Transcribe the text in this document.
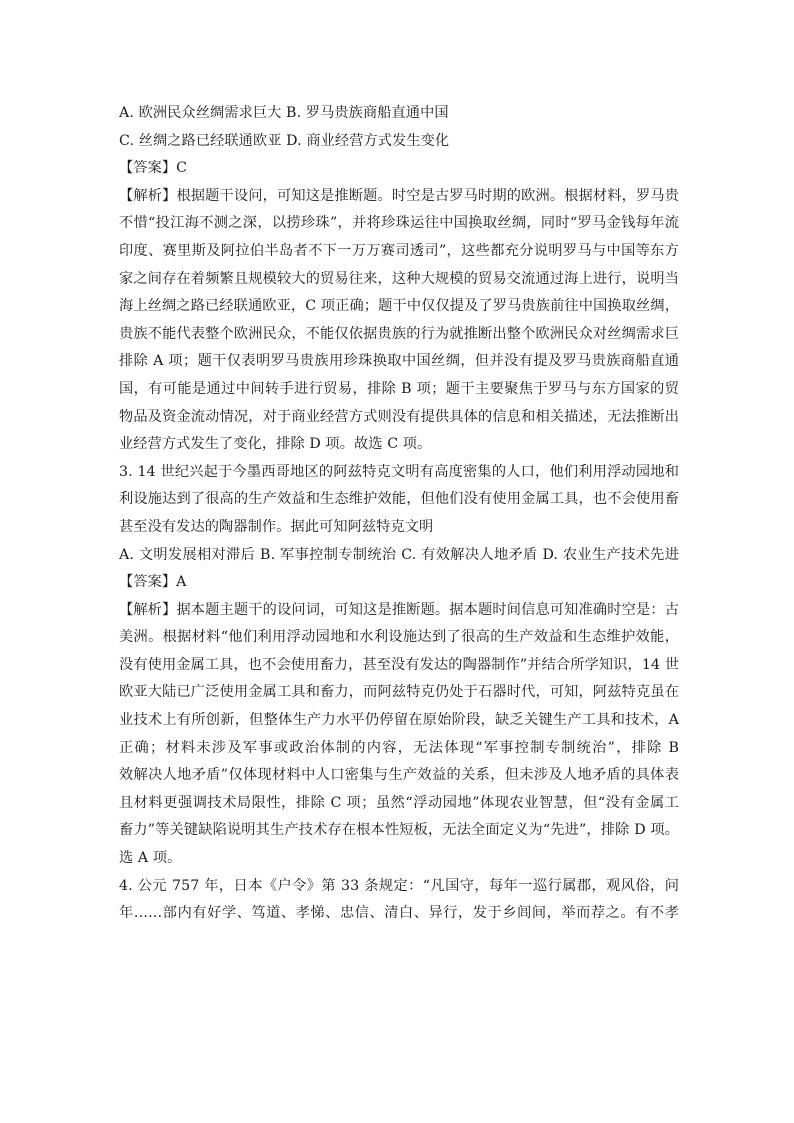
A. 欧洲民众丝绸需求巨大 B. 罗马贵族商船直通中国
C. 丝绸之路已经联通欧亚 D. 商业经营方式发生变化
【答案】C
【解析】根据题干设问，可知这是推断题。时空是古罗马时期的欧洲。根据材料，罗马贵
不惜“投江海不测之深，以捞珍珠”，并将珍珠运往中国换取丝绸，同时“罗马金钱每年流
印度、赛里斯及阿拉伯半岛者不下一万万赛司透司”，这些都充分说明罗马与中国等东方
家之间存在着频繁且规模较大的贸易往来，这种大规模的贸易交流通过海上进行，说明当
海上丝绸之路已经联通欧亚，C 项正确；题干中仅仅提及了罗马贵族前往中国换取丝绸，
贵族不能代表整个欧洲民众，不能仅依据贵族的行为就推断出整个欧洲民众对丝绸需求巨
排除 A 项；题干仅表明罗马贵族用珍珠换取中国丝绸，但并没有提及罗马贵族商船直通
国，有可能是通过中间转手进行贸易，排除 B 项；题干主要聚焦于罗马与东方国家的贸
物品及资金流动情况，对于商业经营方式则没有提供具体的信息和相关描述，无法推断出
业经营方式发生了变化，排除 D 项。故选 C 项。
3. 14 世纪兴起于今墨西哥地区的阿兹特克文明有高度密集的人口，他们利用浮动园地和
利设施达到了很高的生产效益和生态维护效能，但他们没有使用金属工具，也不会使用畜
甚至没有发达的陶器制作。据此可知阿兹特克文明
A. 文明发展相对滞后 B. 军事控制专制统治 C. 有效解决人地矛盾 D. 农业生产技术先进
【答案】A
【解析】据本题主题干的设问词，可知这是推断题。据本题时间信息可知准确时空是：古
美洲。根据材料“他们利用浮动园地和水利设施达到了很高的生产效益和生态维护效能，
没有使用金属工具，也不会使用畜力，甚至没有发达的陶器制作”并结合所学知识，14 世
欧亚大陆已广泛使用金属工具和畜力，而阿兹特克仍处于石器时代，可知，阿兹特克虽在
业技术上有所创新，但整体生产力水平仍停留在原始阶段，缺乏关键生产工具和技术，A
正确；材料未涉及军事或政治体制的内容，无法体现“军事控制专制统治”，排除 B
效解决人地矛盾”仅体现材料中人口密集与生产效益的关系，但未涉及人地矛盾的具体表
且材料更强调技术局限性，排除 C 项；虽然“浮动园地”体现农业智慧，但“没有金属工
畜力”等关键缺陷说明其生产技术存在根本性短板，无法全面定义为“先进”，排除 D 项。
选 A 项。
4. 公元 757 年，日本《户令》第 33 条规定：“凡国守，每年一巡行属郡，观风俗，问
年……部内有好学、笃道、孝悌、忠信、清白、异行，发于乡闾间，举而荐之。有不孝
